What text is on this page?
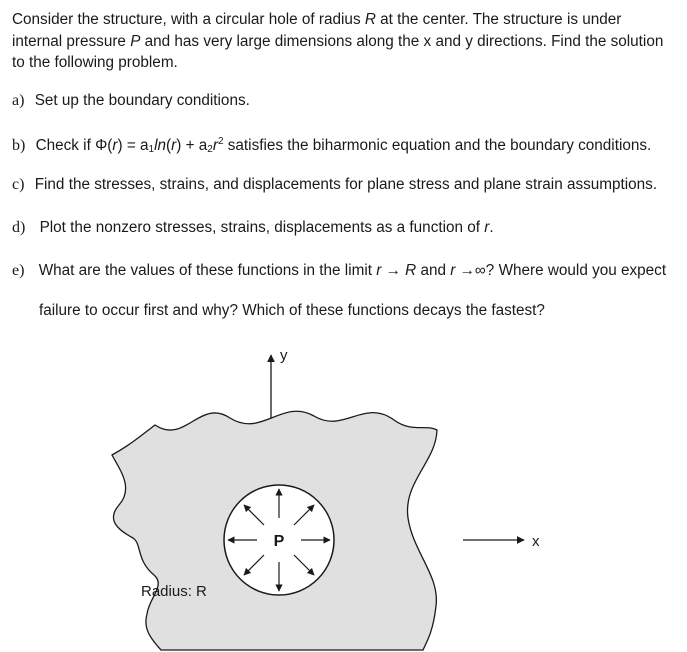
Consider the structure, with a circular hole of radius R at the center. The structure is under internal pressure P and has very large dimensions along the x and y directions. Find the solution to the following problem.

a) Set up the boundary conditions.
b) Check if $\Phi(r) = a_1\ln(r) + a_2r^2$ satisfies the biharmonic equation and the boundary conditions.
c) Find the stresses, strains, and displacements for plane stress and plane strain assumptions.
d) Plot the nonzero stresses, strains, displacements as a function of r.
e) What are the values of these functions in the limit r → R and r →∞? Where would you expect
failure to occur first and why? Which of these functions decays the fastest?
y
x
P
Radius: R
